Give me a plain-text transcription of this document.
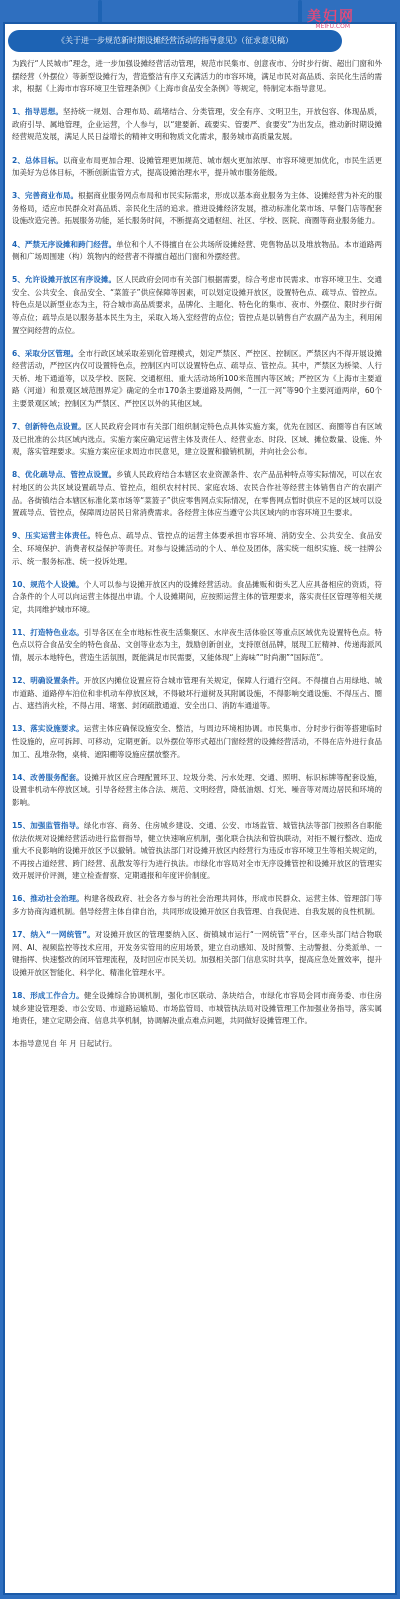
《关于进一步规范新时期设摊经营活动的指导意见》（征求意见稿）
美妇网
MEIFU.COM

为践行“人民城市”理念，进一步加强设摊经营活动管理，规范市民集市、创意夜市、分时步行街、超出门窗和外摆经营（外摆位）等新型设摊行为，营造整洁有序又充满活力的市容环境，满足市民对高品质、亲民化生活的需求，根据《上海市市容环境卫生管理条例》《上海市食品安全条例》等规定，特制定本指导意见。

1、指导思想。坚持统一规划、合理布局、疏堵结合、分类管理，安全有序、文明卫生，开放包容、体现品质，政府引导、属地管理，企业运营，个人参与，以“建要新、疏要实、管要严、食要安”为出发点，推动新时期设摊经营规范发展，满足人民日益增长的精神文明和物质文化需求，服务城市高质量发展。

2、总体目标。以商业布局更加合理、设摊管理更加规范、城市烟火更加浓厚、市容环境更加优化，市民生活更加美好为总体目标，不断创新监管方式，提高设摊治理水平，提升城市服务能级。

3、完善商业布局。根据商业服务网点布局和市民实际需求，形成以基本商业服务为主体、设摊经营为补充的服务格局，适应市民群众对高品质、亲民化生活的追求。推进设摊经济发展，推动标准化菜市场、早餐门店等配套设施改造完善。拓展服务功能，延长服务时间，不断提高交通枢纽、社区、学校、医院、商圈等商业服务能力。

4、严禁无序设摊和跨门经营。单位和个人不得擅自在公共场所设摊经营、兜售物品以及堆放物品。本市道路两侧和广场周围建（构）筑物内的经营者不得擅自超出门窗和外摆经营。

5、允许设摊开放区有序设摊。区人民政府会同市有关部门根据需要，综合考虑市民需求、市容环境卫生、交通安全、公共安全、食品安全、“菜篮子”供应保障等因素，可以划定设摊开放区，设置特色点、疏导点、管控点。特色点是以新型业态为主，符合城市高品质要求，品牌化、主题化、特色化的集市、夜市、外摆位、限时步行街等点位；疏导点是以服务基本民生为主，采取入场入室经营的点位；管控点是以销售自产农副产品为主，利用闲置空间经营的点位。

6、采取分区管理。全市行政区域采取差别化管理模式，划定严禁区、严控区、控制区。严禁区内不得开展设摊经营活动，严控区内仅可设置特色点，控制区内可以设置特色点、疏导点、管控点。其中，严禁区为桥梁、人行天桥、地下通道等，以及学校、医院、交通枢纽、重大活动场所100米范围内等区域；严控区为《上海市主要道路（河道）和景观区域范围界定》确定的全市170条主要道路及两侧，“一江一河”等90个主要河道两岸，60个主要景观区域；控制区为严禁区、严控区以外的其他区域。

7、创新特色点设置。区人民政府会同市有关部门组织制定特色点具体实施方案，优先在园区、商圈等自有区域及已批准的公共区域内选点。实施方案应确定运营主体及责任人、经营业态、时段、区域、摊位数量、设施、外观，落实管理要求。实施方案应征求周边市民意见，建立设置和撤销机制，并向社会公布。

8、优化疏导点、管控点设置。乡镇人民政府结合本辖区农业资源条件、农产品品种特点等实际情况，可以在农村地区的公共区域设置疏导点、管控点，组织农村村民、家庭农场、农民合作社等经营主体销售自产的农副产品。各街镇结合本辖区标准化菜市场等“菜篮子”供应零售网点实际情况，在零售网点暂时供应不足的区域可以设置疏导点、管控点，保障周边居民日常消费需求。各经营主体应当遵守公共区域内的市容环境卫生要求。

9、压实运营主体责任。特色点、疏导点、管控点的运营主体要承担市容环境、消防安全、公共安全、食品安全、环境保护、消费者权益保护等责任。对参与设摊活动的个人、单位及团体，落实统一组织实施、统一挂牌公示、统一服务标准、统一投诉处理。

10、规范个人设摊。个人可以参与设摊开放区内的设摊经营活动。食品摊贩和街头艺人应具备相应的资质，符合条件的个人可以向运营主体提出申请。个人设摊期间，应按照运营主体的管理要求，落实责任区管理等相关规定，共同维护城市环境。

11、打造特色业态。引导各区在全市地标性夜生活集聚区、水岸夜生活体验区等重点区域优先设置特色点。特色点以符合食品安全的特色食品、文创等业态为主，鼓励创新创业，支持原创品牌，展现工匠精神、传递海派风情，展示本地特色，营造生活氛围，既能满足市民需要，又能体现“上海味”“时尚潮”“国际范”。

12、明确设置条件。开放区内摊位设置应符合城市管理有关规定，保障人行通行空间。不得擅自占用绿地、城市道路、道路停车泊位和非机动车停放区域，不得破坏行道树及其附属设施，不得影响交通设施、不得压占、圈占、遮挡消火栓，不得占用、堵塞、封闭疏散通道、安全出口、消防车通道等。

13、落实设施要求。运营主体应确保设施安全、整洁，与周边环境相协调。市民集市、分时步行街等搭建临时性设施的，应可拆卸、可移动，定期更新。以外摆位等形式超出门窗经营的设摊经营活动，不得在店外进行食品加工、乱堆杂物，桌椅、遮阳棚等设施应摆放整齐。

14、改善服务配套。设摊开放区应合理配置环卫、垃圾分类、污水处理、交通、照明、标识标牌等配套设施，设置非机动车停放区域。引导各经营主体合法、规范、文明经营，降低油烟、灯光、噪音等对周边居民和环境的影响。

15、加强监管指导。绿化市容、商务、住房城乡建设、交通、公安、市场监管、城管执法等部门按照各自职能依法依规对设摊经营活动进行监督指导，健立快速响应机制，强化联合执法和管执联动，对拒不履行整改、造成重大不良影响的设摊开放区予以撤销。城管执法部门对设摊开放区内经营行为违反市容环境卫生等相关规定的，不再按占道经营、跨门经营、乱散发等行为进行执法。市绿化市容局对全市无序设摊管控和设摊开放区的管理实效开展评价评测，建立检查督察、定期通报和年度评价制度。

16、推动社会治理。构建各级政府、社会各方参与的社会治理共同体，形成市民群众、运营主体、管理部门等多方协商沟通机制。倡导经营主体自律自治，共同形成设摊开放区自我管理、自我促进、自我发展的良性机制。

17、纳入“一网统管”。对设摊开放区的管理要纳入区、街镇城市运行“一网统管”平台，区牵头部门结合物联网、AI、视频监控等技术应用，开发务实管用的应用场景，建立自动感知、及时预警、主动警报、分类派单、一键指挥、快速整改的闭环管理流程，及时回应市民关切。加强相关部门信息实时共享，提高应急处置效率，提升设摊开放区智能化、科学化、精准化管理水平。

18、形成工作合力。健全设摊综合协调机制，强化市区联动、条块结合，市绿化市容局会同市商务委、市住房城乡建设管理委、市公安局、市道路运输局、市场监管局、市城管执法局对设摊管理工作加强业务指导，落实属地责任，建立定期会商、信息共享机制，协调解决重点难点问题，共同做好设摊管理工作。

本指导意见自 年 月 日起试行。
